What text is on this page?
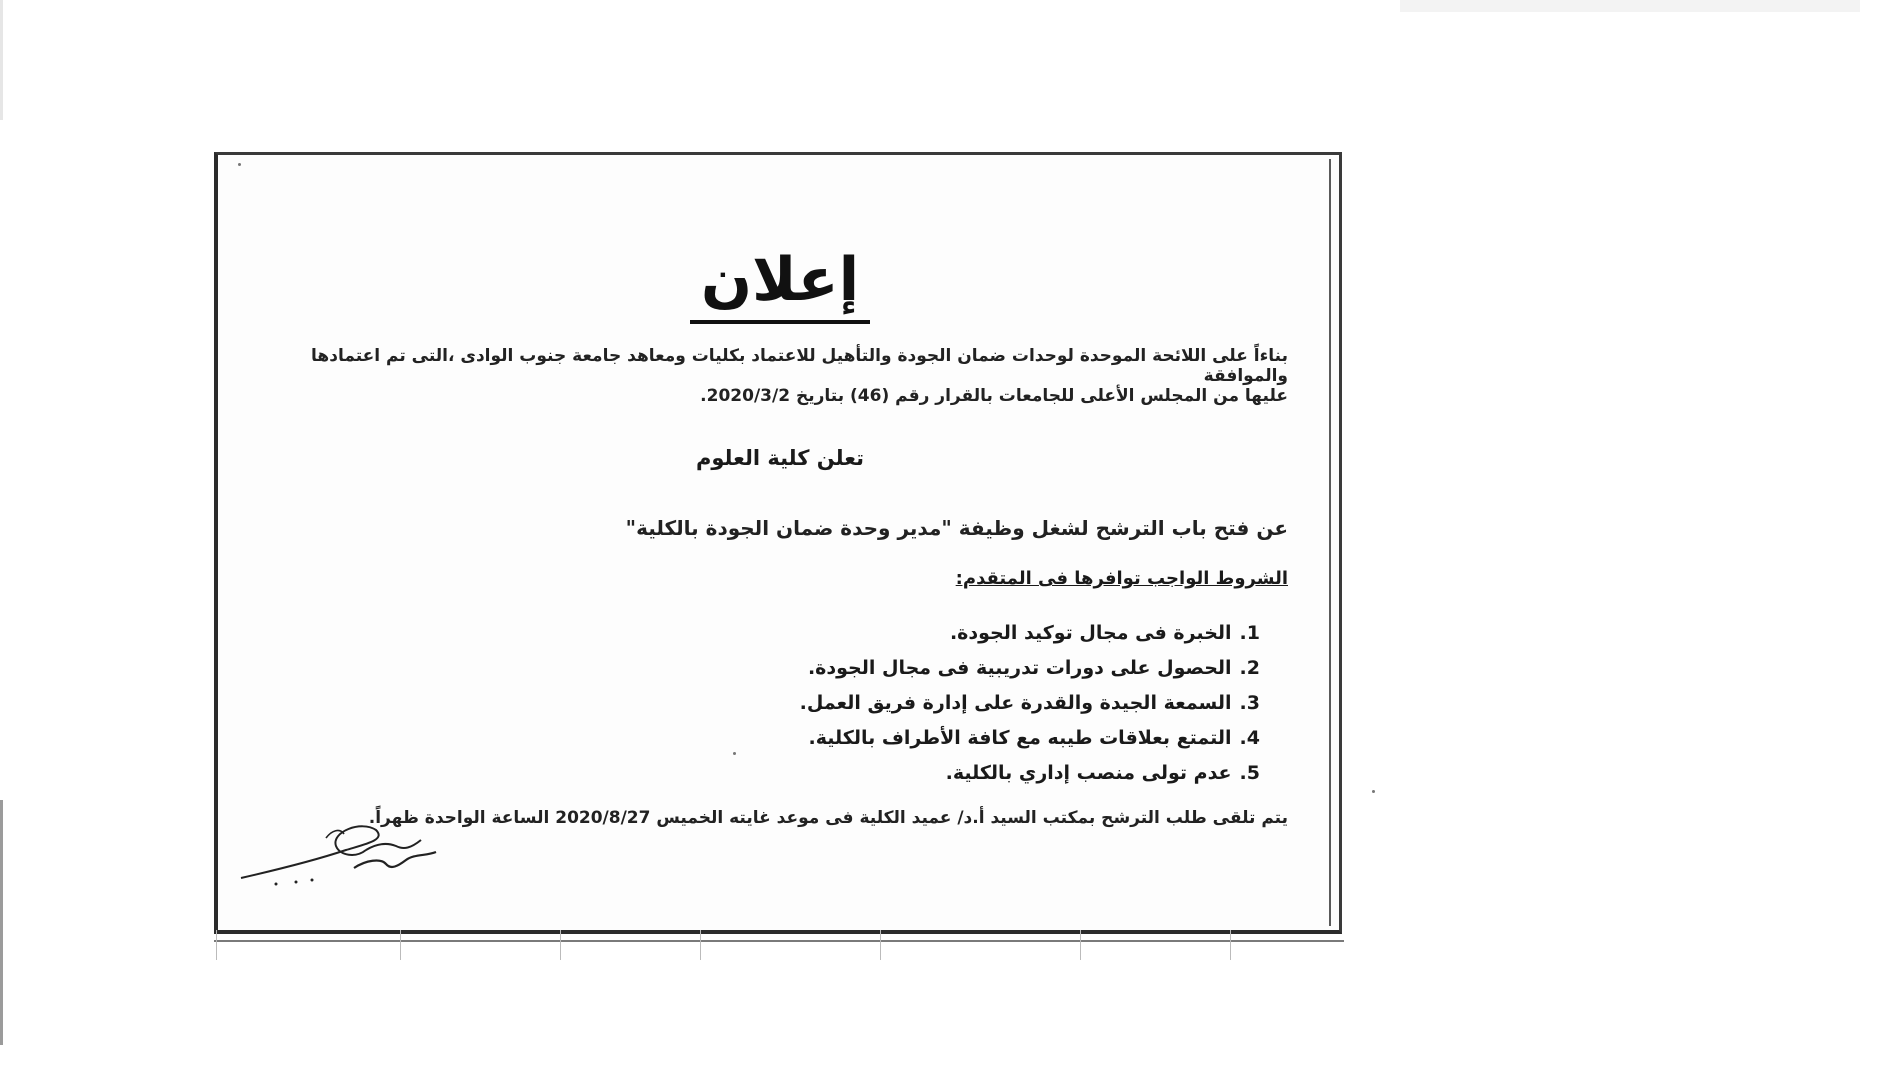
إعلان
بناءاً على اللائحة الموحدة لوحدات ضمان الجودة والتأهيل للاعتماد بكليات ومعاهد جامعة جنوب الوادى ،التى تم اعتمادها والموافقة
عليها من المجلس الأعلى للجامعات بالقرار رقم (46) بتاريخ 2020/3/2.
تعلن كلية العلوم
عن فتح باب الترشح لشغل وظيفة "مدير وحدة ضمان الجودة بالكلية"
الشروط الواجب توافرها فى المتقدم:
1.الخبرة فى مجال توكيد الجودة.
2.الحصول على دورات تدريبية فى مجال الجودة.
3.السمعة الجيدة والقدرة على إدارة فريق العمل.
4.التمتع بعلاقات طيبه مع كافة الأطراف بالكلية.
5.عدم تولى منصب إداري بالكلية.
يتم تلقى طلب الترشح بمكتب السيد أ.د/ عميد الكلية فى موعد غايته الخميس 2020/8/27 الساعة الواحدة ظهراً.
